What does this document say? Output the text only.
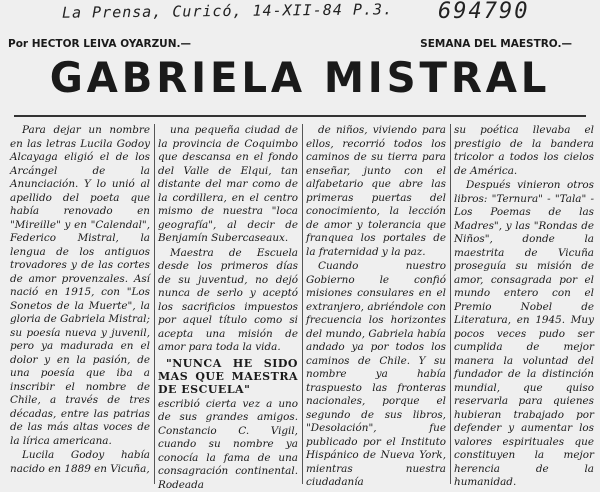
La Prensa, Curicó, 14-XII-84 P.3. 694790
Por HECTOR LEIVA OYARZUN.—	SEMANA DEL MAESTRO.—
GABRIELA MISTRAL

Para dejar un nombre en las letras Lucila Godoy Alcayaga eligió el de los Arcángel de la Anunciación. Y lo unió al apellido del poeta que había renovado en "Mireille" y en "Calendal", Federico Mistral, la lengua de los antiguos trovadores y de las cortes de amor provenzales. Así nació en 1915, con "Los Sonetos de la Muerte", la gloria de Gabriela Mistral; su poesía nueva y juvenil, pero ya madurada en el dolor y en la pasión, de una poesía que iba a inscribir el nombre de Chile, a través de tres décadas, entre las patrias de las más altas voces de la lírica americana.

Lucila Godoy había nacido en 1889 en Vicuña,

una pequeña ciudad de la provincia de Coquimbo que descansa en el fondo del Valle de Elqui, tan distante del mar como de la cordillera, en el centro mismo de nuestra "loca geografía", al decir de Benjamín Subercaseaux.

Maestra de Escuela desde los primeros días de su juventud, no dejó nunca de serlo y aceptó los sacrificios impuestos por aquel título como si acepta una misión de amor para toda la vida.

"NUNCA HE SIDO MAS QUE MAESTRA DE ESCUELA"

escribió cierta vez a uno de sus grandes amigos. Constancio C. Vigil, cuando su nombre ya conocía la fama de una consagración continental. Rodeada

de niños, viviendo para ellos, recorrió todos los caminos de su tierra para enseñar, junto con el alfabetario que abre las primeras puertas del conocimiento, la lección de amor y tolerancia que franquea los portales de la fraternidad y la paz.

Cuando nuestro Gobierno le confió misiones consulares en el extranjero, abriéndole con frecuencia los horizontes del mundo, Gabriela había andado ya por todos los caminos de Chile. Y su nombre ya había traspuesto las fronteras nacionales, porque el segundo de sus libros, "Desolación", fue publicado por el Instituto Hispánico de Nueva York, mientras nuestra ciudadanía

su poética llevaba el prestigio de la bandera tricolor a todos los cielos de América.

Después vinieron otros libros: "Ternura" - "Tala" - Los Poemas de las Madres", y las "Rondas de Niños", donde la maestrita de Vicuña proseguía su misión de amor, consagrada por el mundo entero con el Premio Nobel de Literatura, en 1945. Muy pocos veces pudo ser cumplida de mejor manera la voluntad del fundador de la distinción mundial, que quiso reservarla para quienes hubieran trabajado por defender y aumentar los valores espirituales que constituyen la mejor herencia de la humanidad.
